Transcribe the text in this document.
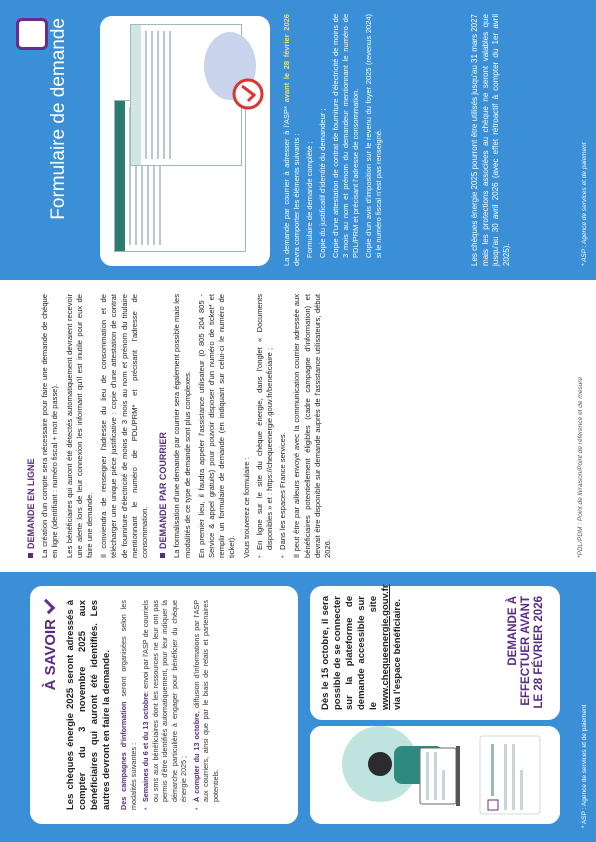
À SAVOIR Les chèques énergie 2025 seront adressés à compter du 3 novembre 2025 aux bénéficiaires qui auront été identifiés. Les autres devront en faire la demande. Des campagnes d'information seront organisées selon les modalités suivantes : • Semaines du 6 et du 13 octobre: envoi par l'ASP de courriels ou sms aux bénéficiaires dont les ressources ne leur ont pas permis d'être identifiés automatiquement, pour leur indiquer la démarche particulière à engager pour bénéficier du chèque énergie 2025 ; • À compter du 13 octobre, diffusion d'informations par l'ASP aux courriers, ainsi que par le biais de relais et partenaires potentiels.
Dès le 15 octobre, il sera possible de se connecter sur la plateforme de demande accessible sur le site www.chequeenergie.gouv.fr via l'espace bénéficiaire.	DEMANDE À EFFECTUER AVANT LE 28 FÉVRIER 2026
* ASP : Agence de services et de paiement
DEMANDE EN LIGNE La création d'un compte sera nécessaire pour faire une demande de chèque en ligne (identifiant : numéro fiscal + mot de passe). Les bénéficiaires qui auront été détectés automatiquement devraient recevoir une alerte lors de leur connexion les informant qu'il est inutile pour eux de faire une demande. Il conviendra de renseigner l'adresse du lieu de consommation et de télécharger une unique pièce justificative : copie d'une attestation de contrat de fourniture d'électricité de moins de 3 mois au nom et prénom du titulaire mentionnant le numéro de PDL/PRM* et précisant l'adresse de consommation. DEMANDE PAR COURRIER La formalisation d'une demande par courrier sera également possible mais les modalités de ce type de demande sont plus complexes. En premier lieu, il faudra appeler l'assistance utilisateur (0 805 204 805 - Service & appel gratuits) pour pouvoir disposer d'un numéro de ticket* et remplir un formulaire de demande (en indiquant sur celui-ci le numéro de ticket). Vous trouverez ce formulaire : • En ligne sur le site du chèque énergie, dans l'onglet « Documents disponibles » et : https://chequeenergie.gouv.fr/beneficiaire ; • Dans les espaces France services. Il peut être par ailleurs envoyé avec la communication courrier adressée aux bénéficiaires potentiellement éligibles (cadre campagne d'information) et devrait être disponible sur demande auprès de l'assistance utilisateurs, début 2026.	*PDL/PDM : Point de livraison/Point de référence et de mesure
Formulaire de demande	La demande par courrier à adresser à l'ASP* avant le 28 février 2026 devra comporter les éléments suivants : • Formulaire de demande complété ; • Copie du justificatif d'identité du demandeur ; • Copie d'une attestation de contrat de fourniture d'électricité de moins de 3 mois au nom et prénom du demandeur mentionnant le numéro de PDL/PRM et précisant l'adresse de consommation. • Copie d'un avis d'imposition sur le revenu du foyer 2025 (revenus 2024) si le numéro fiscal n'est pas renseigné.	Les chèques énergie 2025 pourront être utilisés jusqu'au 31 mars 2027 mais les protections associées au chèque ne seront valables que jusqu'au 30 avril 2026 (avec effet rétroactif à compter du 1er avril 2025).	* ASP : Agence de services et de paiement
